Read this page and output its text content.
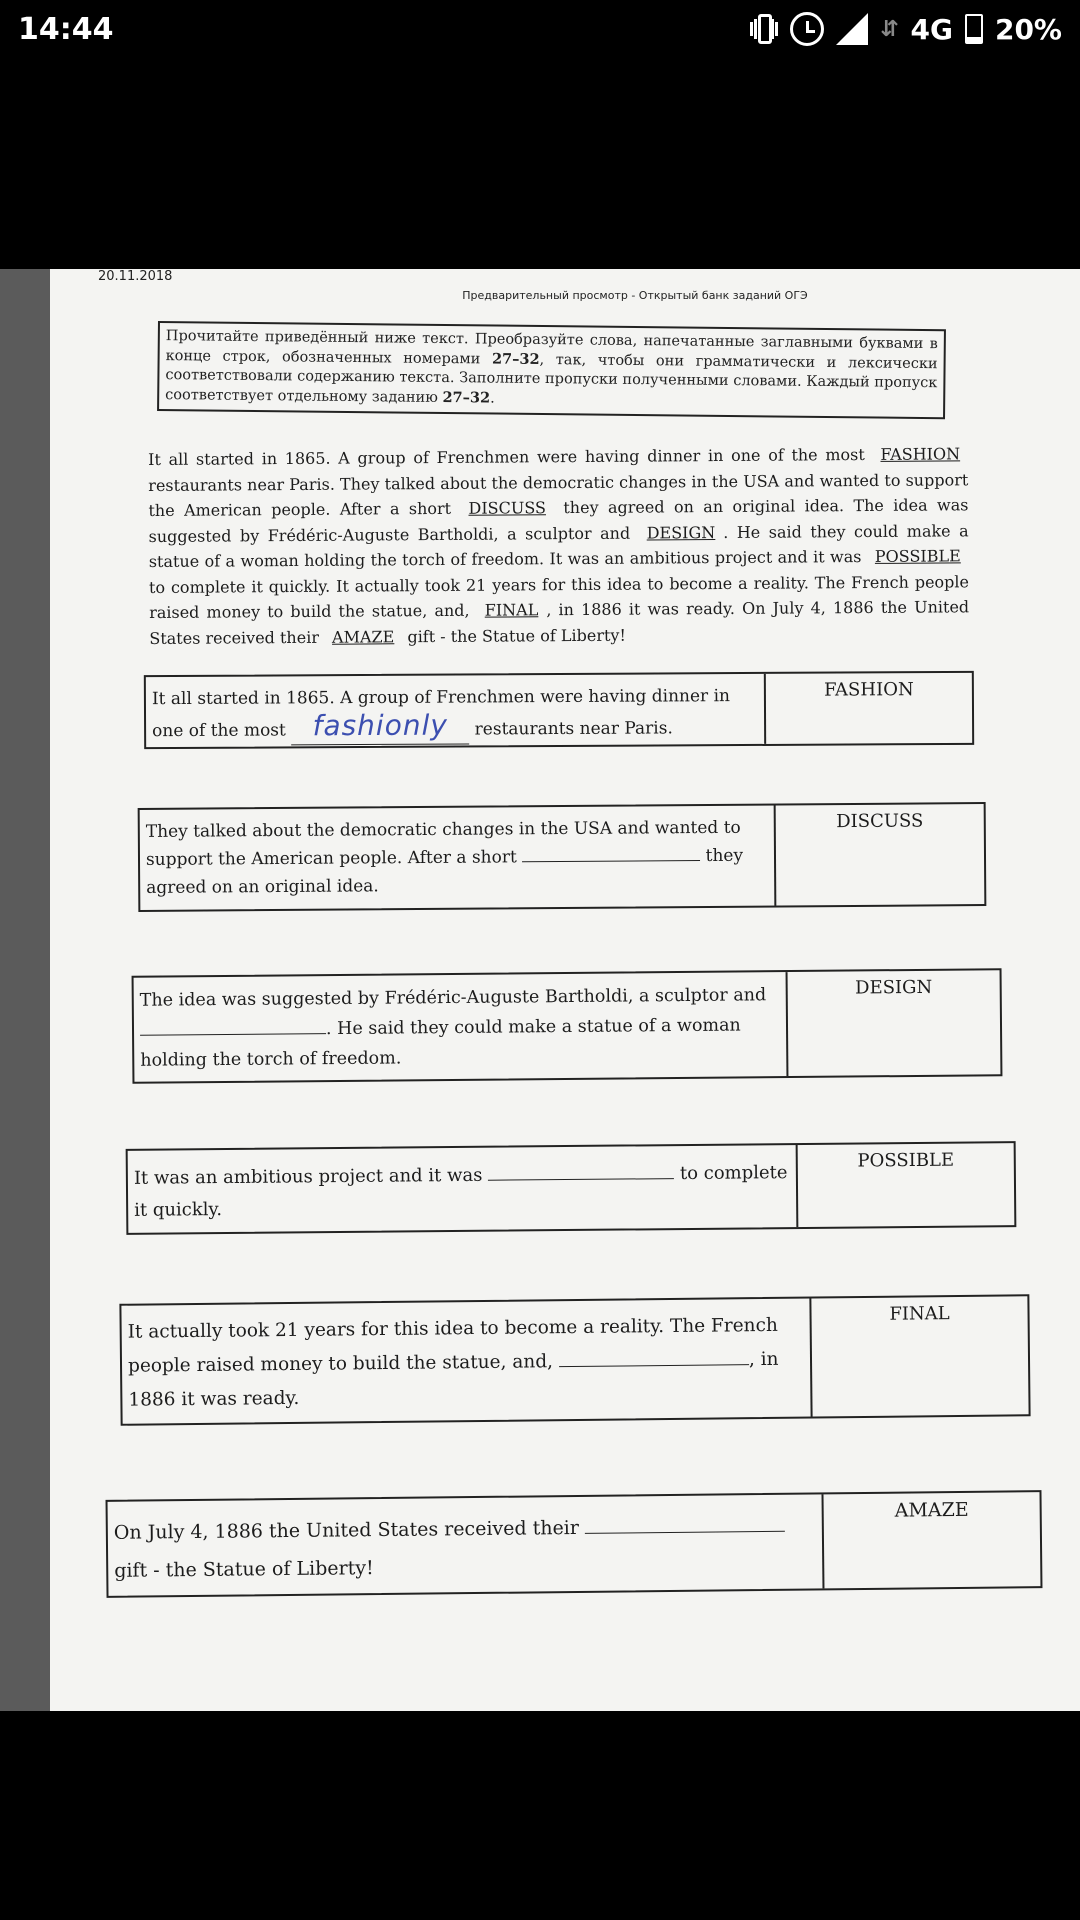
14:44	⇵ 4G 20%
20.11.2018
Предварительный просмотр - Открытый банк заданий ОГЭ
Прочитайте приведённый ниже текст. Преобразуйте слова, напечатанные заглавными буквами в конце строк, обозначенных номерами 27–32, так, чтобы они грамматически и лексически соответствовали содержанию текста. Заполните пропуски полученными словами. Каждый пропуск соответствует отдельному заданию 27–32.
It all started in 1865. A group of Frenchmen were having dinner in one of the most FASHION restaurants near Paris. They talked about the democratic changes in the USA and wanted to support the American people. After a short DISCUSS they agreed on an original idea. The idea was suggested by Frédéric-Auguste Bartholdi, a sculptor and DESIGN . He said they could make a statue of a woman holding the torch of freedom. It was an ambitious project and it was POSSIBLE to complete it quickly. It actually took 21 years for this idea to become a reality. The French people raised money to build the statue, and, FINAL , in 1886 it was ready. On July 4, 1886 the United States received their AMAZE gift - the Statue of Liberty!
It all started in 1865. A group of Frenchmen were having dinner in one of the most fashionly restaurants near Paris.
FASHION
They talked about the democratic changes in the USA and wanted to support the American people. After a short	they agreed on an original idea.
DISCUSS
The idea was suggested by Frédéric-Auguste Bartholdi, a sculptor and . He said they could make a statue of a woman holding the torch of freedom.
DESIGN
It was an ambitious project and it was	to complete it quickly.
POSSIBLE
It actually took 21 years for this idea to become a reality. The French people raised money to build the statue, and,	, in 1886 it was ready.
FINAL
On July 4, 1886 the United States received their  gift - the Statue of Liberty!
AMAZE
